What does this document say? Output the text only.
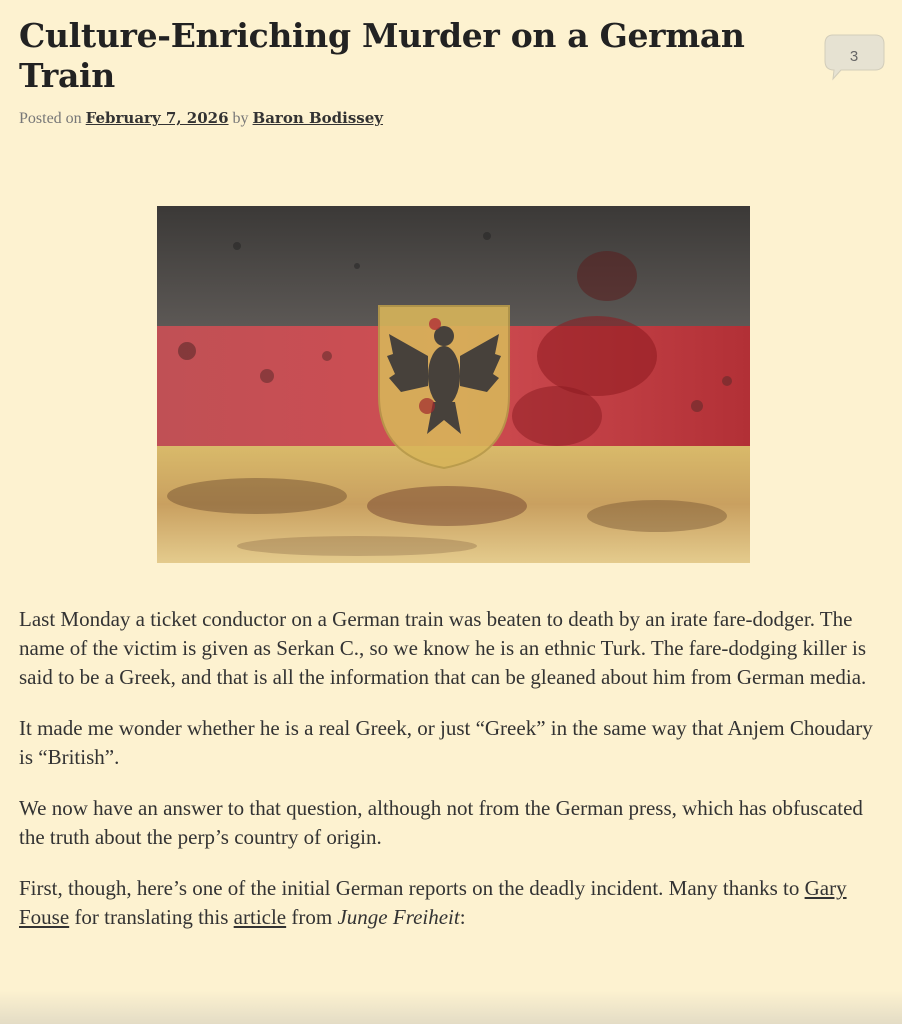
Culture-Enriching Murder on a German Train	3
Posted on February 7, 2026 by Baron Bodissey

Last Monday a ticket conductor on a German train was beaten to death by an irate fare-dodger. The name of the victim is given as Serkan C., so we know he is an ethnic Turk. The fare-dodging killer is said to be a Greek, and that is all the information that can be gleaned about him from German media.

It made me wonder whether he is a real Greek, or just “Greek” in the same way that Anjem Choudary is “British”.

We now have an answer to that question, although not from the German press, which has obfuscated the truth about the perp’s country of origin.

First, though, here’s one of the initial German reports on the deadly incident. Many thanks to Gary Fouse for translating this article from Junge Freiheit:
